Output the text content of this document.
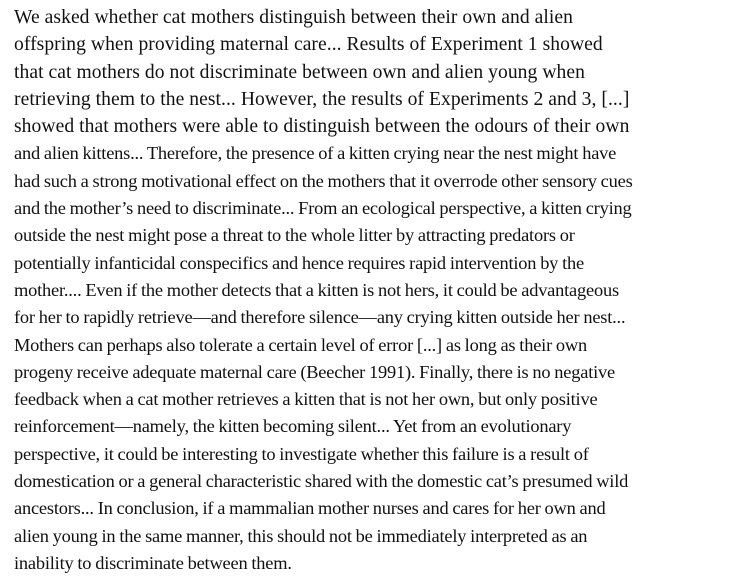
We asked whether cat mothers distinguish between their own and alien
offspring when providing maternal care... Results of Experiment 1 showed
that cat mothers do not discriminate between own and alien young when
retrieving them to the nest... However, the results of Experiments 2 and 3, [...]
showed that mothers were able to distinguish between the odours of their own
and alien kittens... Therefore, the presence of a kitten crying near the nest might have
had such a strong motivational effect on the mothers that it overrode other sensory cues
and the mother’s need to discriminate... From an ecological perspective, a kitten crying
outside the nest might pose a threat to the whole litter by attracting predators or
potentially infanticidal conspecifics and hence requires rapid intervention by the
mother.... Even if the mother detects that a kitten is not hers, it could be advantageous
for her to rapidly retrieve—and therefore silence—any crying kitten outside her nest...
Mothers can perhaps also tolerate a certain level of error [...] as long as their own
progeny receive adequate maternal care (Beecher 1991). Finally, there is no negative
feedback when a cat mother retrieves a kitten that is not her own, but only positive
reinforcement—namely, the kitten becoming silent... Yet from an evolutionary
perspective, it could be interesting to investigate whether this failure is a result of
domestication or a general characteristic shared with the domestic cat’s presumed wild
ancestors... In conclusion, if a mammalian mother nurses and cares for her own and
alien young in the same manner, this should not be immediately interpreted as an
inability to discriminate between them.
